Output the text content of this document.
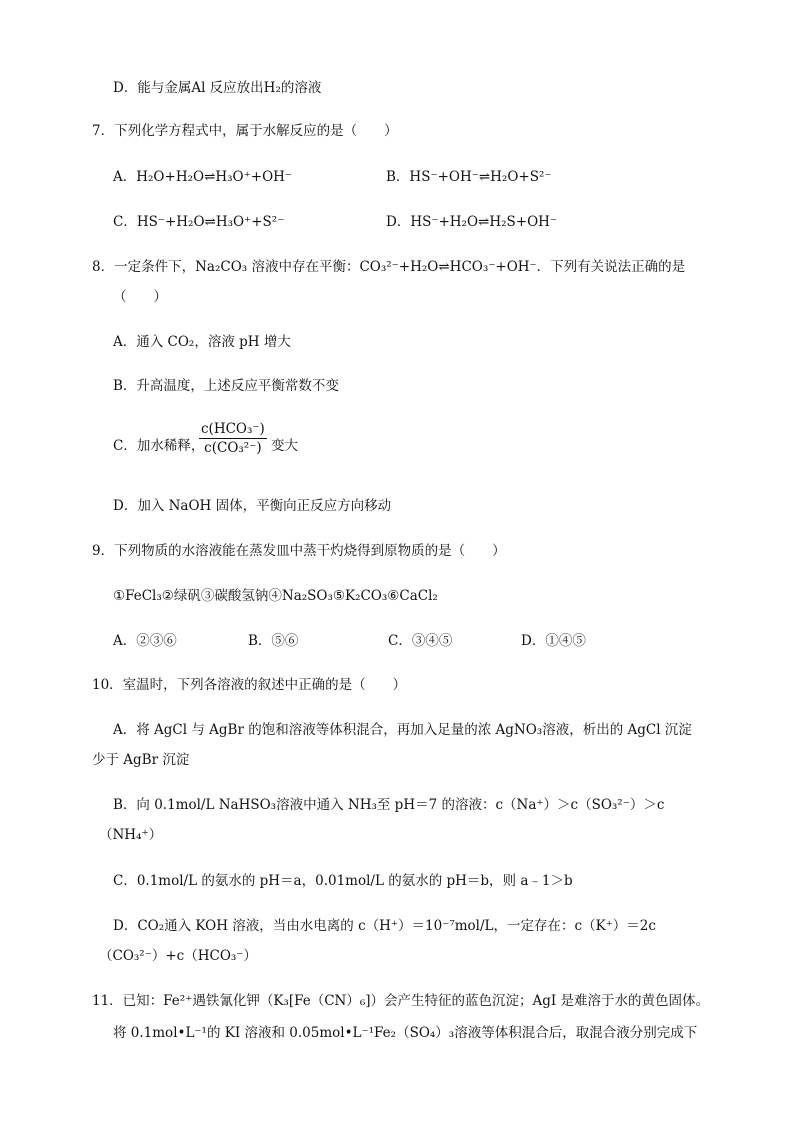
D．能与金属Al 反应放出H₂的溶液
7．下列化学方程式中，属于水解反应的是（　　）
A．H₂O+H₂O⇌H₃O⁺+OH⁻	B．HS⁻+OH⁻⇌H₂O+S²⁻
C．HS⁻+H₂O⇌H₃O⁺+S²⁻	D．HS⁻+H₂O⇌H₂S+OH⁻
8．一定条件下，Na₂CO₃ 溶液中存在平衡：CO₃²⁻+H₂O⇌HCO₃⁻+OH⁻．下列有关说法正确的是
（　　）
A．通入 CO₂，溶液 pH 增大
B．升高温度，上述反应平衡常数不变
C．加水稀释，
c(HCO₃⁻)
c(CO₃²⁻) 变大
D．加入 NaOH 固体，平衡向正反应方向移动
9．下列物质的水溶液能在蒸发皿中蒸干灼烧得到原物质的是（　　）
①FeCl₃②绿矾③碳酸氢钠④Na₂SO₃⑤K₂CO₃⑥CaCl₂
A．②③⑥	B．⑤⑥	C．③④⑤	D．①④⑤
10．室温时，下列各溶液的叙述中正确的是（　　）
A．将 AgCl 与 AgBr 的饱和溶液等体积混合，再加入足量的浓 AgNO₃溶液，析出的 AgCl 沉淀
少于 AgBr 沉淀
B．向 0.1mol/L NaHSO₃溶液中通入 NH₃至 pH＝7 的溶液：c（Na⁺）＞c（SO₃²⁻）＞c
（NH₄⁺）
C．0.1mol/L 的氨水的 pH＝a，0.01mol/L 的氨水的 pH＝b，则 a﹣1＞b
D．CO₂通入 KOH 溶液，当由水电离的 c（H⁺）＝10⁻⁷mol/L，一定存在：c（K⁺）＝2c
（CO₃²⁻）+c（HCO₃⁻）
11．已知：Fe²⁺遇铁氰化钾（K₃[Fe（CN）₆]）会产生特征的蓝色沉淀；AgI 是难溶于水的黄色固体。
将 0.1mol•L⁻¹的 KI 溶液和 0.05mol•L⁻¹Fe₂（SO₄）₃溶液等体积混合后，取混合液分别完成下
